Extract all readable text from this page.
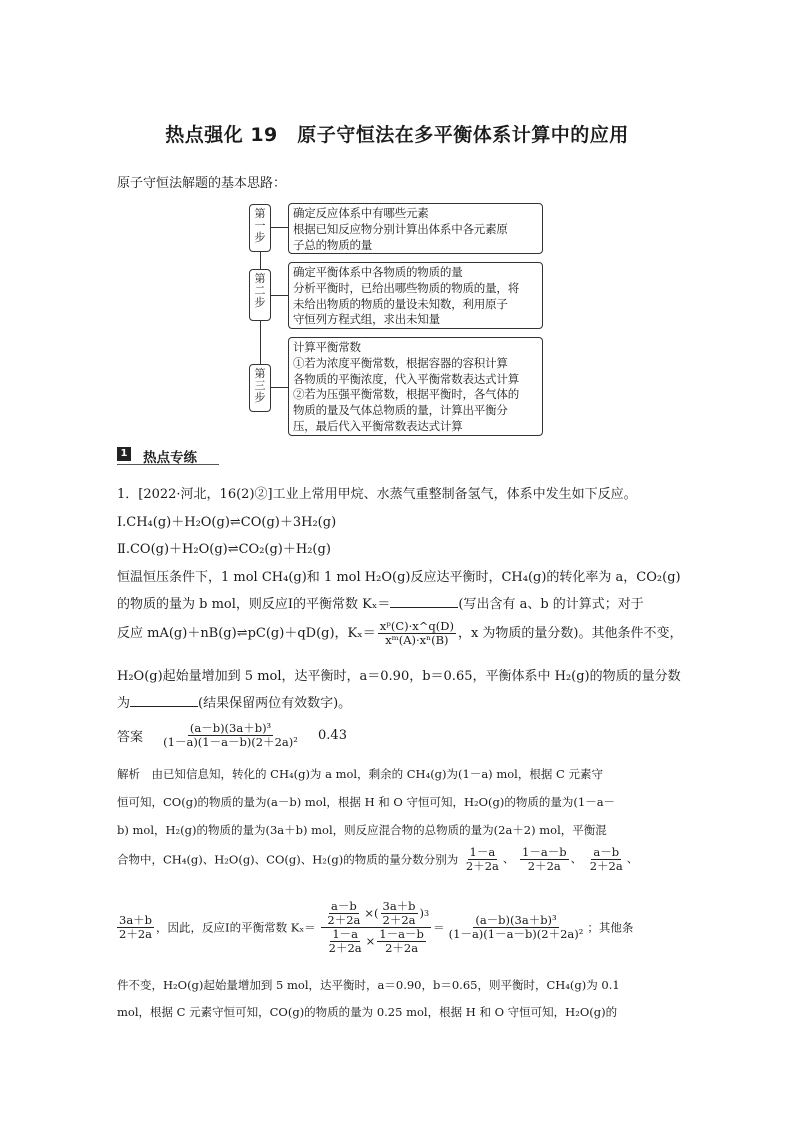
热点强化 19　原子守恒法在多平衡体系计算中的应用
原子守恒法解题的基本思路：
第
一
步
确定反应体系中有哪些元素
根据已知反应物分别计算出体系中各元素原
子总的物质的量
第
二
步
确定平衡体系中各物质的物质的量
分析平衡时，已给出哪些物质的物质的量，将
未给出物质的物质的量设未知数，利用原子
守恒列方程式组，求出未知量
第
三
步
计算平衡常数
①若为浓度平衡常数，根据容器的容积计算
各物质的平衡浓度，代入平衡常数表达式计算
②若为压强平衡常数，根据平衡时，各气体的
物质的量及气体总物质的量，计算出平衡分
压，最后代入平衡常数表达式计算
1 热点专练
1．[2022·河北，16(2)②]工业上常用甲烷、水蒸气重整制备氢气，体系中发生如下反应。
Ⅰ.CH₄(g)＋H₂O(g)⇌CO(g)＋3H₂(g)
Ⅱ.CO(g)＋H₂O(g)⇌CO₂(g)＋H₂(g)
恒温恒压条件下，1 mol CH₄(g)和 1 mol H₂O(g)反应达平衡时，CH₄(g)的转化率为 a，CO₂(g)
的物质的量为 b mol，则反应Ⅰ的平衡常数 Kₓ＝	(写出含有 a、b 的计算式；对于
反应 mA(g)＋nB(g)⇌pC(g)＋qD(g)，$K_x= \frac{\text{xᵖ(C)·x\textasciicircum{}q(D)}}{\text{xᵐ(A)·xⁿ(B)}}$ ，x 为物质的量分数)。其他条件不变，
H₂O(g)起始量增加到 5 mol，达平衡时，a＝0.90，b＝0.65，平衡体系中 H₂(g)的物质的量分数
为	(结果保留两位有效数字)。
答案 $\frac{\text{(a－b)(3a＋b)³}}{\text{(1－a)(1－a－b)(2＋2a)²}} 0.43$
解析　由已知信息知，转化的 CH₄(g)为 a mol，剩余的 CH₄(g)为(1－a) mol，根据 C 元素守
恒可知，CO(g)的物质的量为(a－b) mol，根据 H 和 O 守恒可知，H₂O(g)的物质的量为(1－a－
b) mol，H₂(g)的物质的量为(3a＋b) mol，则反应混合物的总物质的量为(2a＋2) mol，平衡混
合物中，CH₄(g)、H₂O(g)、CO(g)、H₂(g)的物质的量分数分别为 $\frac{1-a}{2+2a}$ 、 $\frac{1-a-b}{2+2a}$ 、 $\frac{a-b}{2+2a}$ 、
$\frac{3a+b}{2+2a}$ ，因此，反应Ⅰ的平衡常数 $K_x= \frac{\frac{a-b}{2+2a} \times( \frac{3a+b}{2+2a} ) 3}{\frac{1-a}{2+2a} \times \frac{1-a-b}{2+2a}} = \frac{\text{(a－b)(3a＋b)³}}{\text{(1－a)(1－a－b)(2＋2a)²}}$ ；其他条
件不变，H₂O(g)起始量增加到 5 mol，达平衡时，a＝0.90，b＝0.65，则平衡时，CH₄(g)为 0.1
mol，根据 C 元素守恒可知，CO(g)的物质的量为 0.25 mol，根据 H 和 O 守恒可知，H₂O(g)的
